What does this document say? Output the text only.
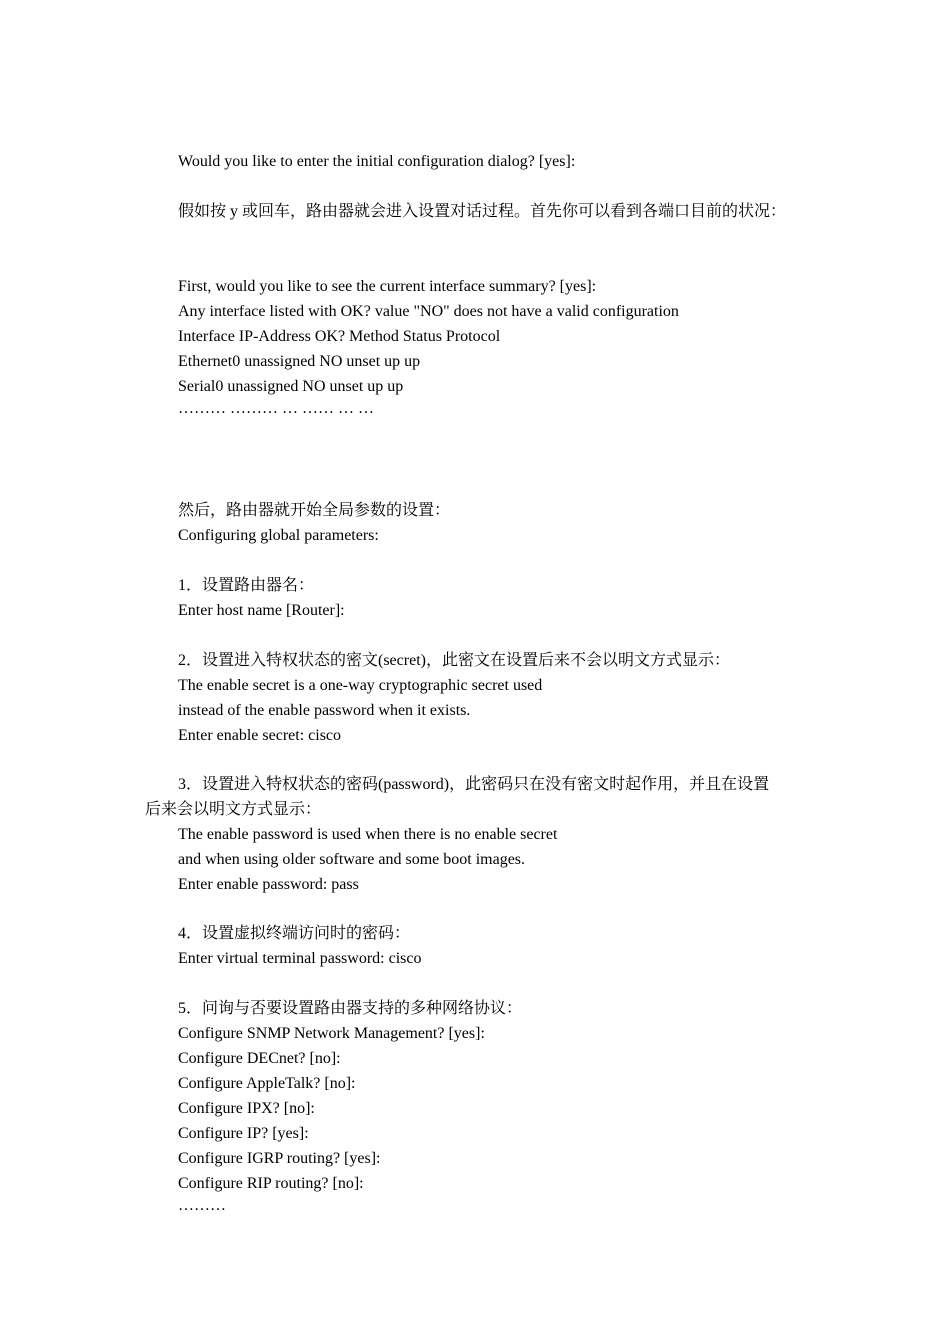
Would you like to enter the initial configuration dialog? [yes]:
假如按 y 或回车，路由器就会进入设置对话过程。首先你可以看到各端口目前的状况：
First, would you like to see the current interface summary? [yes]:
Any interface listed with OK? value "NO" does not have a valid configuration
Interface IP-Address OK? Method Status Protocol
Ethernet0 unassigned NO unset up up
Serial0 unassigned NO unset up up
……… ……… … …… … …
然后，路由器就开始全局参数的设置：
Configuring global parameters:
1．设置路由器名：
Enter host name [Router]:
2．设置进入特权状态的密文(secret)，此密文在设置后来不会以明文方式显示：
The enable secret is a one-way cryptographic secret used
instead of the enable password when it exists.
Enter enable secret: cisco
3．设置进入特权状态的密码(password)，此密码只在没有密文时起作用，并且在设置
后来会以明文方式显示：
The enable password is used when there is no enable secret
and when using older software and some boot images.
Enter enable password: pass
4．设置虚拟终端访问时的密码：
Enter virtual terminal password: cisco
5．问询与否要设置路由器支持的多种网络协议：
Configure SNMP Network Management? [yes]:
Configure DECnet? [no]:
Configure AppleTalk? [no]:
Configure IPX? [no]:
Configure IP? [yes]:
Configure IGRP routing? [yes]:
Configure RIP routing? [no]:
………
